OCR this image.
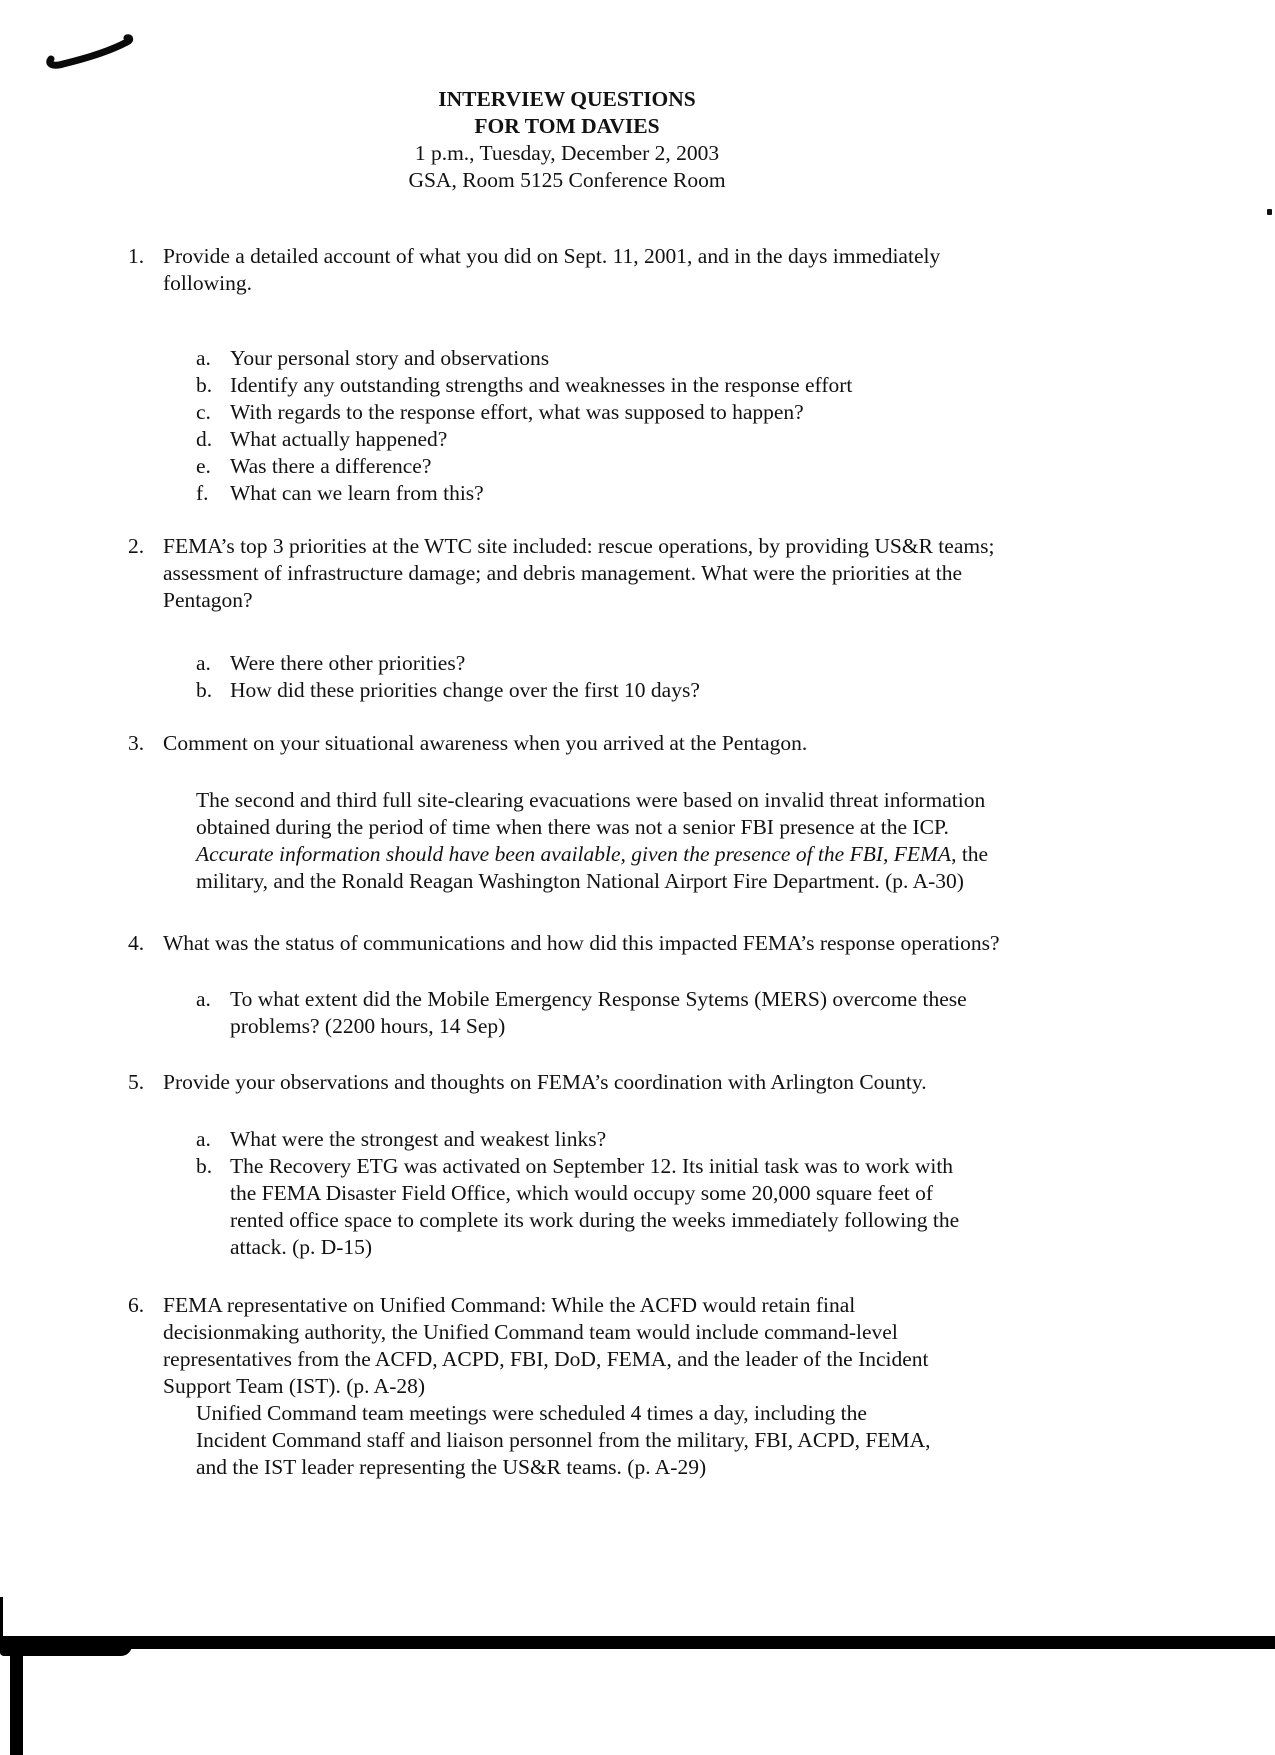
INTERVIEW QUESTIONS
FOR TOM DAVIES
1 p.m., Tuesday, December 2, 2003
GSA, Room 5125 Conference Room
1. Provide a detailed account of what you did on Sept. 11, 2001, and in the days immediately following.

a. Your personal story and observations
b. Identify any outstanding strengths and weaknesses in the response effort
c. With regards to the response effort, what was supposed to happen?
d. What actually happened?
e. Was there a difference?
f. What can we learn from this?
2. FEMA’s top 3 priorities at the WTC site included: rescue operations, by providing US&R teams; assessment of infrastructure damage; and debris management. What were the priorities at the Pentagon?

a. Were there other priorities?
b. How did these priorities change over the first 10 days?
3. Comment on your situational awareness when you arrived at the Pentagon.

The second and third full site-clearing evacuations were based on invalid threat information obtained during the period of time when there was not a senior FBI presence at the ICP. Accurate information should have been available, given the presence of the FBI, FEMA, the military, and the Ronald Reagan Washington National Airport Fire Department. (p. A-30)

4. What was the status of communications and how did this impacted FEMA’s response operations?

a. To what extent did the Mobile Emergency Response Sytems (MERS) overcome these problems? (2200 hours, 14 Sep)
5. Provide your observations and thoughts on FEMA’s coordination with Arlington County.

a. What were the strongest and weakest links?
b. The Recovery ETG was activated on September 12. Its initial task was to work with the FEMA Disaster Field Office, which would occupy some 20,000 square feet of rented office space to complete its work during the weeks immediately following the attack. (p. D-15)
6. FEMA representative on Unified Command: While the ACFD would retain final decisionmaking authority, the Unified Command team would include command-level representatives from the ACFD, ACPD, FBI, DoD, FEMA, and the leader of the Incident Support Team (IST). (p. A-28)

Unified Command team meetings were scheduled 4 times a day, including the Incident Command staff and liaison personnel from the military, FBI, ACPD, FEMA, and the IST leader representing the US&R teams. (p. A-29)
